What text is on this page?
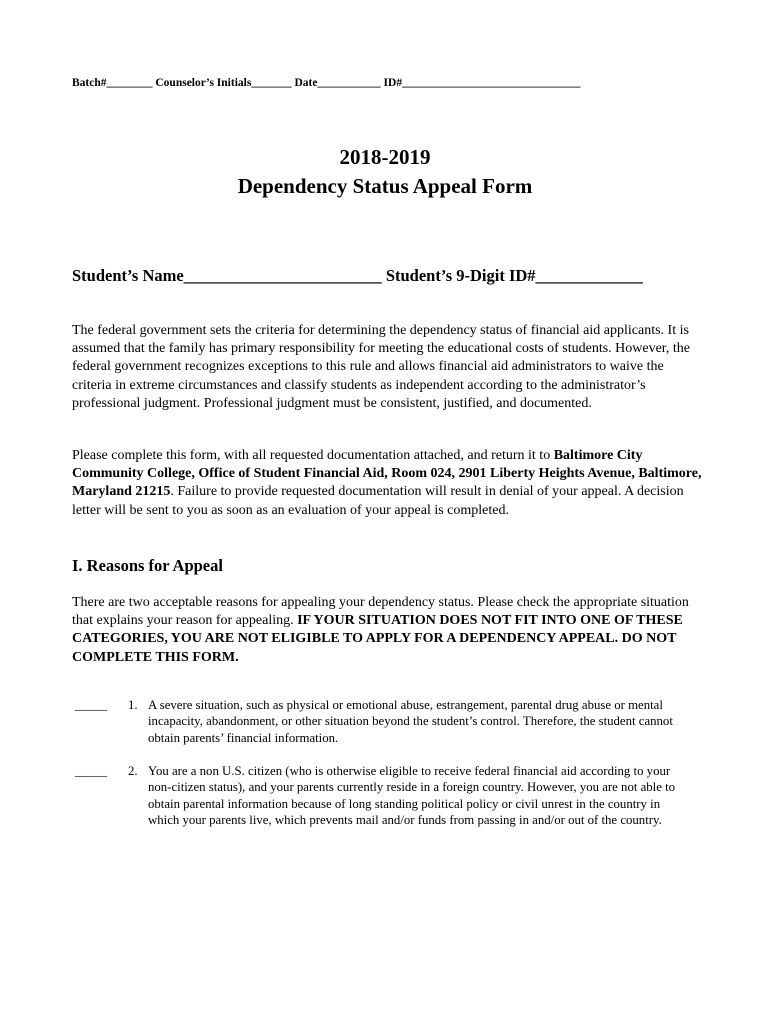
Batch#________ Counselor’s Initials_______ Date___________ ID#_______________________________
2018-2019
Dependency Status Appeal Form
Student’s Name________________________ Student’s 9-Digit ID#_____________
The federal government sets the criteria for determining the dependency status of financial aid applicants. It is assumed that the family has primary responsibility for meeting the educational costs of students. However, the federal government recognizes exceptions to this rule and allows financial aid administrators to waive the criteria in extreme circumstances and classify students as independent according to the administrator’s professional judgment. Professional judgment must be consistent, justified, and documented.
Please complete this form, with all requested documentation attached, and return it to Baltimore City Community College, Office of Student Financial Aid, Room 024, 2901 Liberty Heights Avenue, Baltimore, Maryland 21215. Failure to provide requested documentation will result in denial of your appeal. A decision letter will be sent to you as soon as an evaluation of your appeal is completed.
I. Reasons for Appeal
There are two acceptable reasons for appealing your dependency status. Please check the appropriate situation that explains your reason for appealing. IF YOUR SITUATION DOES NOT FIT INTO ONE OF THESE CATEGORIES, YOU ARE NOT ELIGIBLE TO APPLY FOR A DEPENDENCY APPEAL. DO NOT COMPLETE THIS FORM.
_____ 1. A severe situation, such as physical or emotional abuse, estrangement, parental drug abuse or mental incapacity, abandonment, or other situation beyond the student’s control. Therefore, the student cannot obtain parents’ financial information.
_____ 2. You are a non U.S. citizen (who is otherwise eligible to receive federal financial aid according to your non-citizen status), and your parents currently reside in a foreign country. However, you are not able to obtain parental information because of long standing political policy or civil unrest in the country in which your parents live, which prevents mail and/or funds from passing in and/or out of the country.
